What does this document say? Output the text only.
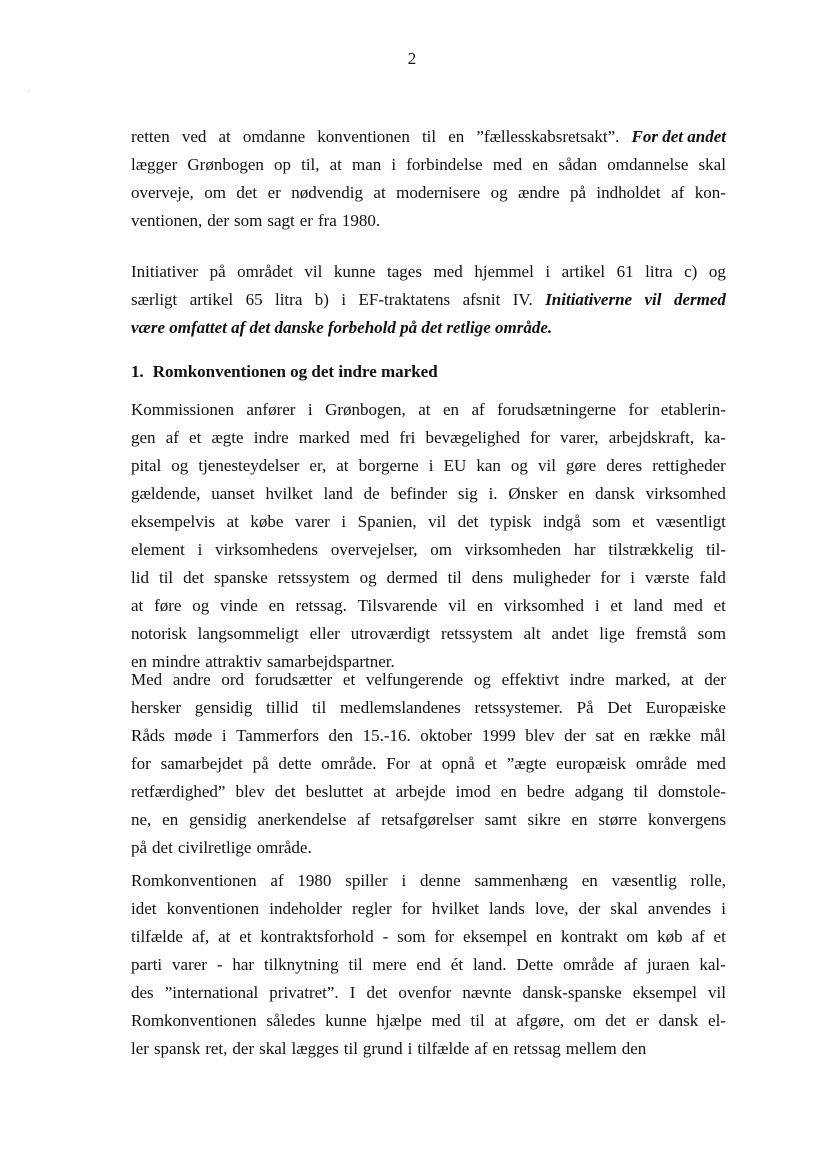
·
2
retten ved at omdanne konventionen til en ”fællesskabsretsakt”. For det andet
lægger Grønbogen op til, at man i forbindelse med en sådan omdannelse skal
overveje, om det er nødvendig at modernisere og ændre på indholdet af kon-
ventionen, der som sagt er fra 1980.
Initiativer på området vil kunne tages med hjemmel i artikel 61 litra c) og
særligt artikel 65 litra b) i EF-traktatens afsnit IV. Initiativerne vil dermed
være omfattet af det danske forbehold på det retlige område.
1. Romkonventionen og det indre marked
Kommissionen anfører i Grønbogen, at en af forudsætningerne for etablerin-
gen af et ægte indre marked med fri bevægelighed for varer, arbejdskraft, ka-
pital og tjenesteydelser er, at borgerne i EU kan og vil gøre deres rettigheder
gældende, uanset hvilket land de befinder sig i. Ønsker en dansk virksomhed
eksempelvis at købe varer i Spanien, vil det typisk indgå som et væsentligt
element i virksomhedens overvejelser, om virksomheden har tilstrækkelig til-
lid til det spanske retssystem og dermed til dens muligheder for i værste fald
at føre og vinde en retssag. Tilsvarende vil en virksomhed i et land med et
notorisk langsommeligt eller utroværdigt retssystem alt andet lige fremstå som
en mindre attraktiv samarbejdspartner.
Med andre ord forudsætter et velfungerende og effektivt indre marked, at der
hersker gensidig tillid til medlemslandenes retssystemer. På Det Europæiske
Råds møde i Tammerfors den 15.-16. oktober 1999 blev der sat en række mål
for samarbejdet på dette område. For at opnå et ”ægte europæisk område med
retfærdighed” blev det besluttet at arbejde imod en bedre adgang til domstole-
ne, en gensidig anerkendelse af retsafgørelser samt sikre en større konvergens
på det civilretlige område.
Romkonventionen af 1980 spiller i denne sammenhæng en væsentlig rolle,
idet konventionen indeholder regler for hvilket lands love, der skal anvendes i
tilfælde af, at et kontraktsforhold - som for eksempel en kontrakt om køb af et
parti varer - har tilknytning til mere end ét land. Dette område af juraen kal-
des ”international privatret”. I det ovenfor nævnte dansk-spanske eksempel vil
Romkonventionen således kunne hjælpe med til at afgøre, om det er dansk el-
ler spansk ret, der skal lægges til grund i tilfælde af en retssag mellem den
